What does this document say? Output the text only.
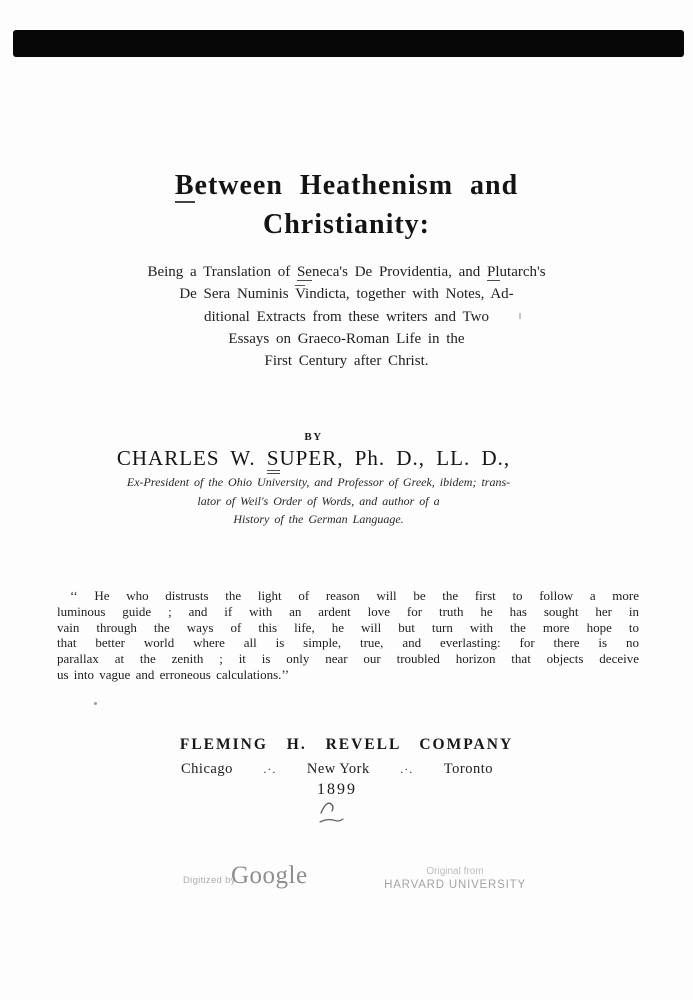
Between Heathenism and
Christianity:
Being a Translation of Seneca's De Providentia, and Plutarch's
De Sera Numinis Vindicta, together with Notes, Ad-
ditional Extracts from these writers and Two
Essays on Graeco-Roman Life in the
First Century after Christ.
BY
CHARLES W. SUPER, Ph. D., LL. D.,
Ex-President of the Ohio University, and Professor of Greek, ibidem; trans-
lator of Weil's Order of Words, and author of a
History of the German Language.
‘‘ He who distrusts the light of reason will be the first to follow a more
luminous guide ; and if with an ardent love for truth he has sought her in
vain through the ways of this life, he will but turn with the more hope to
that better world where all is simple, true, and everlasting: for there is no
parallax at the zenith ; it is only near our troubled horizon that objects deceive
us into vague and erroneous calculations.’’
FLEMING H. REVELL COMPANY
Chicago	.·. New York	.·. Toronto
1899
Digitized by
Google	Original from
HARVARD UNIVERSITY
